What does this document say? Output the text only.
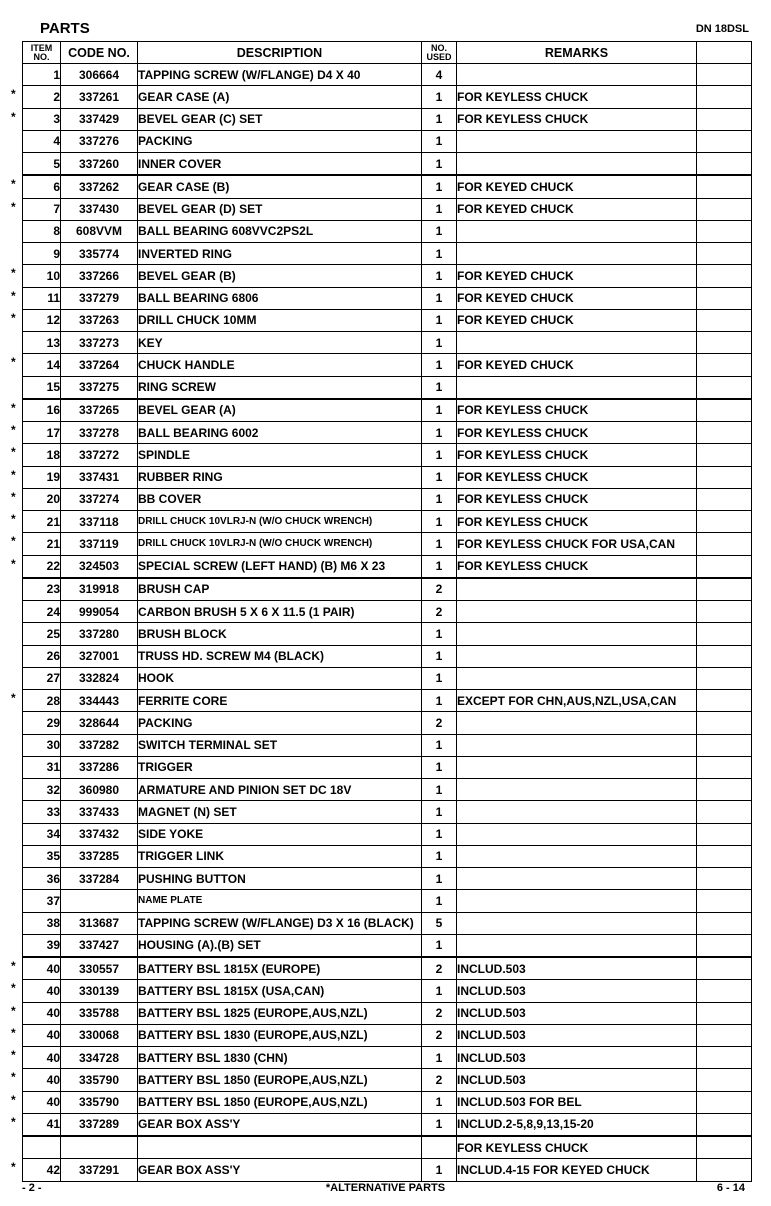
PARTS	DN 18DSL
ITEM
NO.	CODE NO.	DESCRIPTION	NO.
USED	REMARKS	

1	306664	TAPPING SCREW (W/FLANGE) D4 X 40	4		

* 2	337261	GEAR CASE (A)	1	FOR KEYLESS CHUCK	

* 3	337429	BEVEL GEAR (C) SET	1	FOR KEYLESS CHUCK	

4	337276	PACKING	1		

5	337260	INNER COVER	1		

* 6	337262	GEAR CASE (B)	1	FOR KEYED CHUCK	

* 7	337430	BEVEL GEAR (D) SET	1	FOR KEYED CHUCK	

8	608VVM	BALL BEARING 608VVC2PS2L	1		

9	335774	INVERTED RING	1		

* 10	337266	BEVEL GEAR (B)	1	FOR KEYED CHUCK	

* 11	337279	BALL BEARING 6806	1	FOR KEYED CHUCK	

* 12	337263	DRILL CHUCK 10MM	1	FOR KEYED CHUCK	

13	337273	KEY	1		

* 14	337264	CHUCK HANDLE	1	FOR KEYED CHUCK	

15	337275	RING SCREW	1		

* 16	337265	BEVEL GEAR (A)	1	FOR KEYLESS CHUCK	

* 17	337278	BALL BEARING 6002	1	FOR KEYLESS CHUCK	

* 18	337272	SPINDLE	1	FOR KEYLESS CHUCK	

* 19	337431	RUBBER RING	1	FOR KEYLESS CHUCK	

* 20	337274	BB COVER	1	FOR KEYLESS CHUCK	

* 21	337118	DRILL CHUCK 10VLRJ-N (W/O CHUCK WRENCH)	1	FOR KEYLESS CHUCK	

* 21	337119	DRILL CHUCK 10VLRJ-N (W/O CHUCK WRENCH)	1	FOR KEYLESS CHUCK FOR USA,CAN	

* 22	324503	SPECIAL SCREW (LEFT HAND) (B) M6 X 23	1	FOR KEYLESS CHUCK	

23	319918	BRUSH CAP	2		

24	999054	CARBON BRUSH 5 X 6 X 11.5 (1 PAIR)	2		

25	337280	BRUSH BLOCK	1		

26	327001	TRUSS HD. SCREW M4 (BLACK)	1		

27	332824	HOOK	1		

* 28	334443	FERRITE CORE	1	EXCEPT FOR CHN,AUS,NZL,USA,CAN	

29	328644	PACKING	2		

30	337282	SWITCH TERMINAL SET	1		

31	337286	TRIGGER	1		

32	360980	ARMATURE AND PINION SET DC 18V	1		

33	337433	MAGNET (N) SET	1		

34	337432	SIDE YOKE	1		

35	337285	TRIGGER LINK	1		

36	337284	PUSHING BUTTON	1		

37		NAME PLATE	1		

38	313687	TAPPING SCREW (W/FLANGE) D3 X 16 (BLACK)	5		

39	337427	HOUSING (A).(B) SET	1		

* 40	330557	BATTERY BSL 1815X (EUROPE)	2	INCLUD.503	

* 40	330139	BATTERY BSL 1815X (USA,CAN)	1	INCLUD.503	

* 40	335788	BATTERY BSL 1825 (EUROPE,AUS,NZL)	2	INCLUD.503	

* 40	330068	BATTERY BSL 1830 (EUROPE,AUS,NZL)	2	INCLUD.503	

* 40	334728	BATTERY BSL 1830 (CHN)	1	INCLUD.503	

* 40	335790	BATTERY BSL 1850 (EUROPE,AUS,NZL)	2	INCLUD.503	

* 40	335790	BATTERY BSL 1850 (EUROPE,AUS,NZL)	1	INCLUD.503 FOR BEL	

* 41	337289	GEAR BOX ASS'Y	1	INCLUD.2-5,8,9,13,15-20	

				FOR KEYLESS CHUCK	

* 42	337291	GEAR BOX ASS'Y	1	INCLUD.4-15 FOR KEYED CHUCK	
- 2 -	*ALTERNATIVE PARTS	6 - 14
